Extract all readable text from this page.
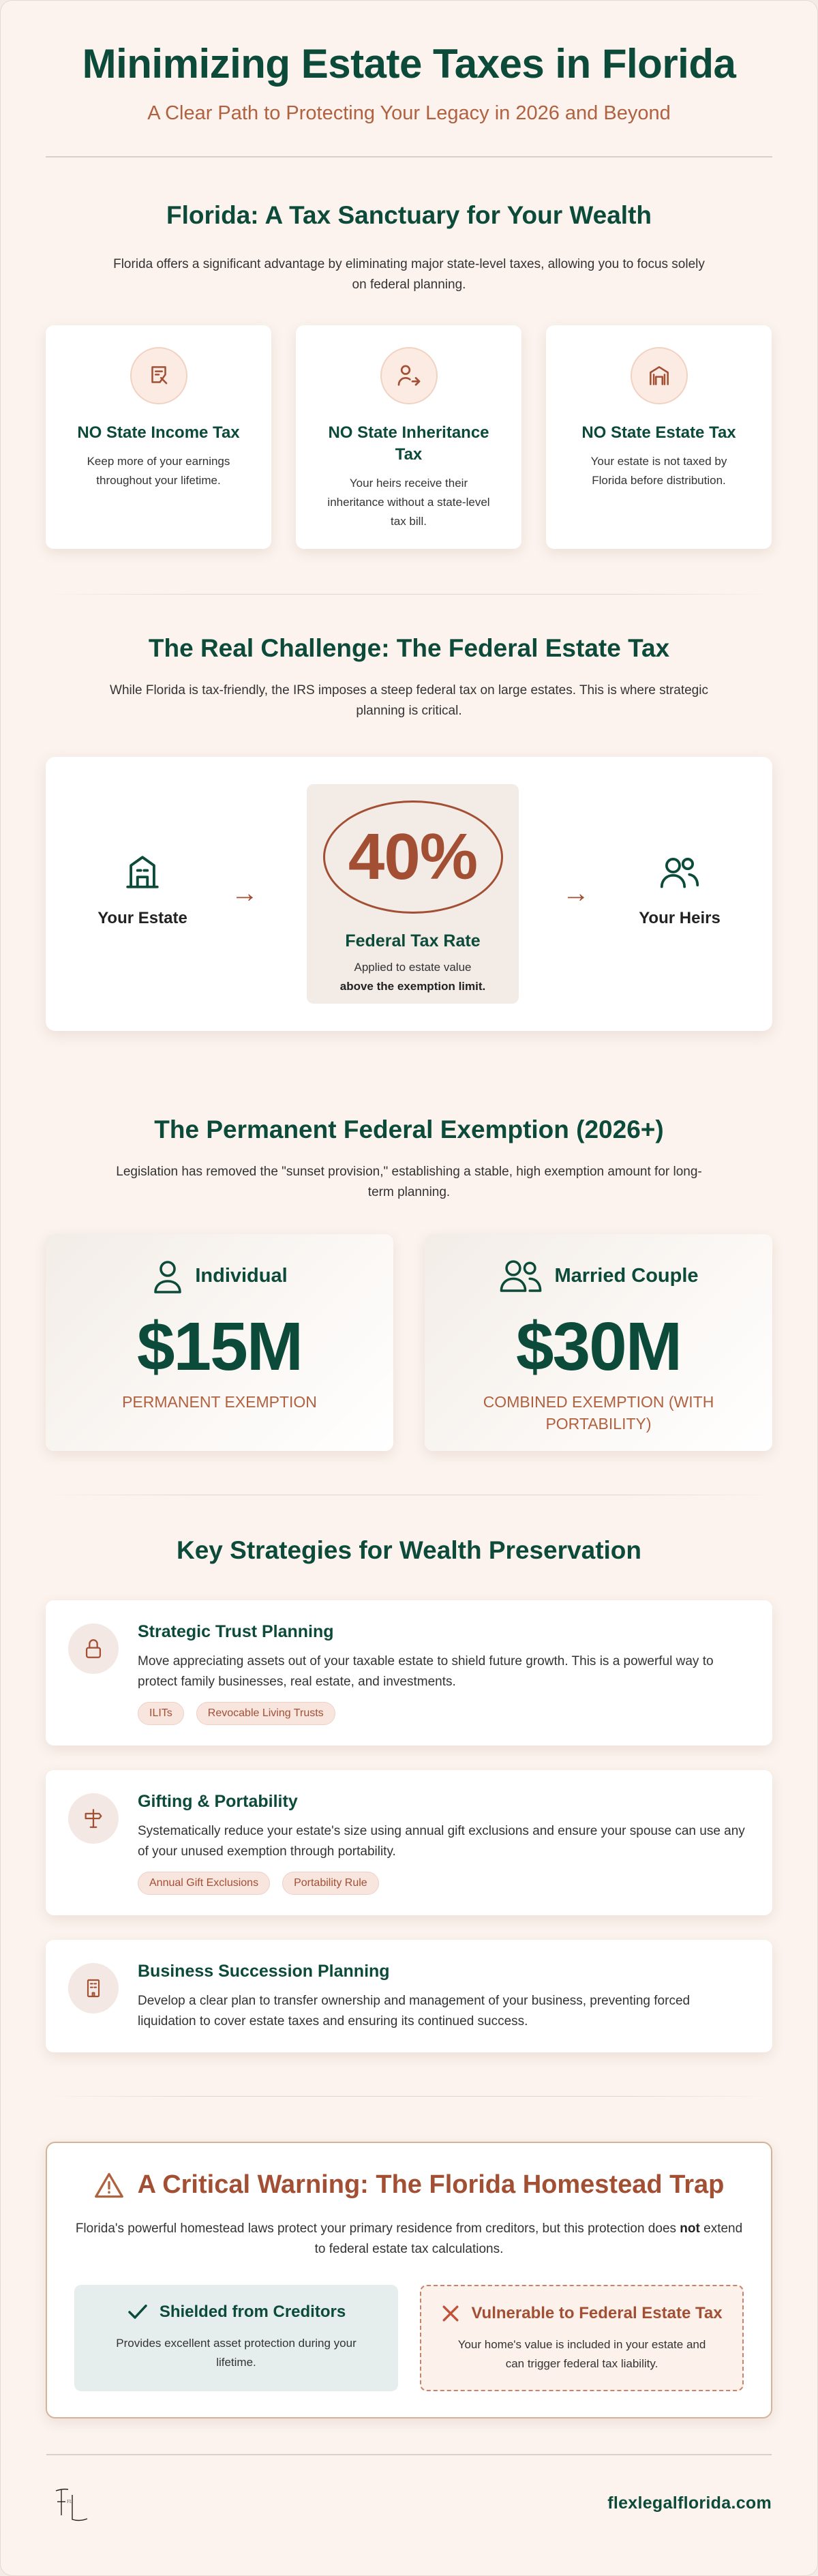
Minimizing Estate Taxes in Florida
A Clear Path to Protecting Your Legacy in 2026 and Beyond
Florida: A Tax Sanctuary for Your Wealth

Florida offers a significant advantage by eliminating major state-level taxes, allowing you to focus solely on federal planning.

NO State Income Tax

Keep more of your earnings throughout your lifetime.

NO State Inheritance Tax

Your heirs receive their inheritance without a state-level tax bill.

NO State Estate Tax

Your estate is not taxed by Florida before distribution.

The Real Challenge: The Federal Estate Tax

While Florida is tax-friendly, the IRS imposes a steep federal tax on large estates. This is where strategic planning is critical.

Your Estate
→	40%
Federal Tax Rate
Applied to estate value
above the exemption limit.
→
Your Heirs
The Permanent Federal Exemption (2026+)

Legislation has removed the "sunset provision," establishing a stable, high exemption amount for long-term planning.

Individual
$15M
PERMANENT EXEMPTION
Married Couple
$30M
COMBINED EXEMPTION (WITH PORTABILITY)
Key Strategies for Wealth Preservation
Strategic Trust Planning

Move appreciating assets out of your taxable estate to shield future growth. This is a powerful way to protect family businesses, real estate, and investments.

ILITs	Revocable Living Trusts
Gifting & Portability

Systematically reduce your estate's size using annual gift exclusions and ensure your spouse can use any of your unused exemption through portability.

Annual Gift Exclusions	Portability Rule
Business Succession Planning

Develop a clear plan to transfer ownership and management of your business, preventing forced liquidation to cover estate taxes and ensuring its continued success.

A Critical Warning: The Florida Homestead Trap

Florida's powerful homestead laws protect your primary residence from creditors, but this protection does not extend to federal estate tax calculations.

Shielded from Creditors

Provides excellent asset protection during your lifetime.

Vulnerable to Federal Estate Tax

Your home's value is included in your estate and can trigger federal tax liability.

FL	flexlegalflorida.com
